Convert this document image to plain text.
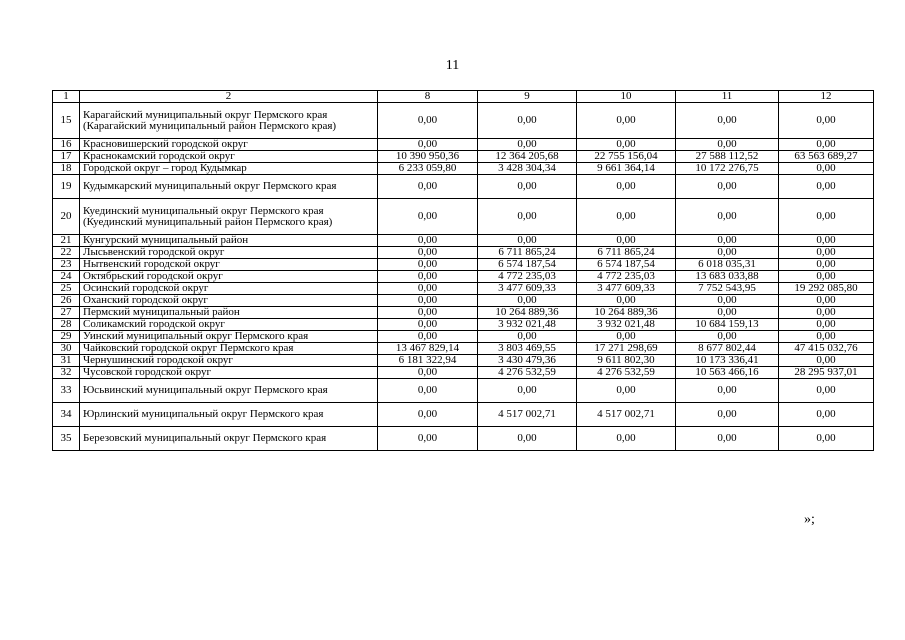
11
1	2	8	9	10	11	12
15	Карагайский муниципальный округ Пермского края (Карагайский муниципальный район Пермского края)	0,00	0,00	0,00	0,00	0,00
16	Красновишерский городской округ	0,00	0,00	0,00	0,00	0,00
17	Краснокамский городской округ	10 390 950,36	12 364 205,68	22 755 156,04	27 588 112,52	63 563 689,27
18	Городской округ – город Кудымкар	6 233 059,80	3 428 304,34	9 661 364,14	10 172 276,75	0,00
19	Кудымкарский муниципальный округ Пермского края	0,00	0,00	0,00	0,00	0,00
20	Куединский муниципальный округ Пермского края (Куединский муниципальный район Пермского края)	0,00	0,00	0,00	0,00	0,00
21	Кунгурский муниципальный район	0,00	0,00	0,00	0,00	0,00
22	Лысьвенский городской округ	0,00	6 711 865,24	6 711 865,24	0,00	0,00
23	Нытвенский городской округ	0,00	6 574 187,54	6 574 187,54	6 018 035,31	0,00
24	Октябрьский городской округ	0,00	4 772 235,03	4 772 235,03	13 683 033,88	0,00
25	Осинский городской округ	0,00	3 477 609,33	3 477 609,33	7 752 543,95	19 292 085,80
26	Оханский городской округ	0,00	0,00	0,00	0,00	0,00
27	Пермский муниципальный район	0,00	10 264 889,36	10 264 889,36	0,00	0,00
28	Соликамский городской округ	0,00	3 932 021,48	3 932 021,48	10 684 159,13	0,00
29	Уинский муниципальный округ Пермского края	0,00	0,00	0,00	0,00	0,00
30	Чайковский городской округ Пермского края	13 467 829,14	3 803 469,55	17 271 298,69	8 677 802,44	47 415 032,76
31	Чернушинский городской округ	6 181 322,94	3 430 479,36	9 611 802,30	10 173 336,41	0,00
32	Чусовской городской округ	0,00	4 276 532,59	4 276 532,59	10 563 466,16	28 295 937,01
33	Юсьвинский муниципальный округ Пермского края	0,00	0,00	0,00	0,00	0,00
34	Юрлинский муниципальный округ Пермского края	0,00	4 517 002,71	4 517 002,71	0,00	0,00
35	Березовский муниципальный округ Пермского края	0,00	0,00	0,00	0,00	0,00
»;
